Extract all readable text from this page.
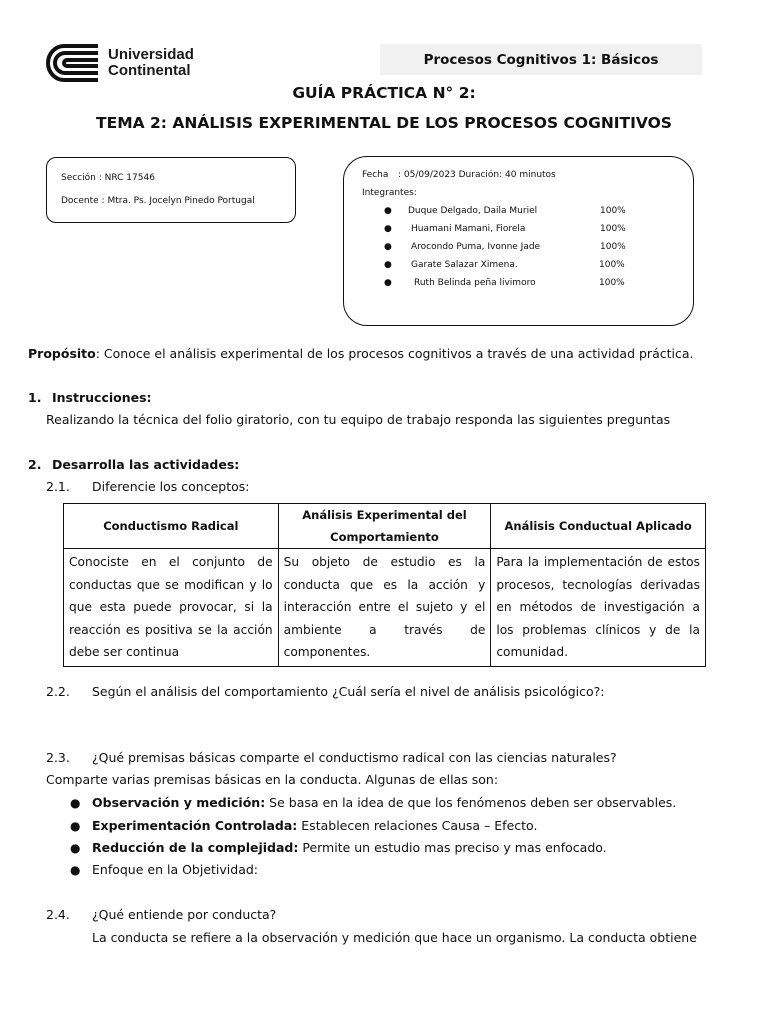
Universidad
Continental
Procesos Cognitivos 1: Básicos
GUÍA PRÁCTICA N° 2:
TEMA 2: ANÁLISIS EXPERIMENTAL DE LOS PROCESOS COGNITIVOS
Sección : NRC 17546
Docente : Mtra. Ps. Jocelyn Pinedo Portugal
Fecha : 05/09/2023 Duración: 40 minutos
Integrantes:
● Duque Delgado, Daila Muriel	100%
● Huamani Mamani, Fiorela	100%
● Arocondo Puma, Ivonne Jade	100%
● Garate Salazar Ximena.	100%
● Ruth Belinda peña livimoro	100%
Propósito: Conoce el análisis experimental de los procesos cognitivos a través de una actividad práctica.
1. Instrucciones:
Realizando la técnica del folio giratorio, con tu equipo de trabajo responda las siguientes preguntas
2. Desarrolla las actividades:
2.1. Diferencie los conceptos:
Conductismo Radical	Análisis Experimental del Comportamiento	Análisis Conductual Aplicado
Conociste en el conjunto de conductas que se modifican y lo que esta puede provocar, si la reacción es positiva se la acción debe ser continua	Su objeto de estudio es la conducta que es la acción y interacción entre el sujeto y el ambiente a través de componentes.	Para la implementación de estos procesos, tecnologías derivadas en métodos de investigación a los problemas clínicos y de la comunidad.
2.2. Según el análisis del comportamiento ¿Cuál sería el nivel de análisis psicológico?:
2.3. ¿Qué premisas básicas comparte el conductismo radical con las ciencias naturales?
Comparte varias premisas básicas en la conducta. Algunas de ellas son:
● Observación y medición: Se basa en la idea de que los fenómenos deben ser observables.
● Experimentación Controlada: Establecen relaciones Causa – Efecto.
● Reducción de la complejidad: Permite un estudio mas preciso y mas enfocado.
● Enfoque en la Objetividad:
2.4. ¿Qué entiende por conducta?
La conducta se refiere a la observación y medición que hace un organismo. La conducta obtiene
